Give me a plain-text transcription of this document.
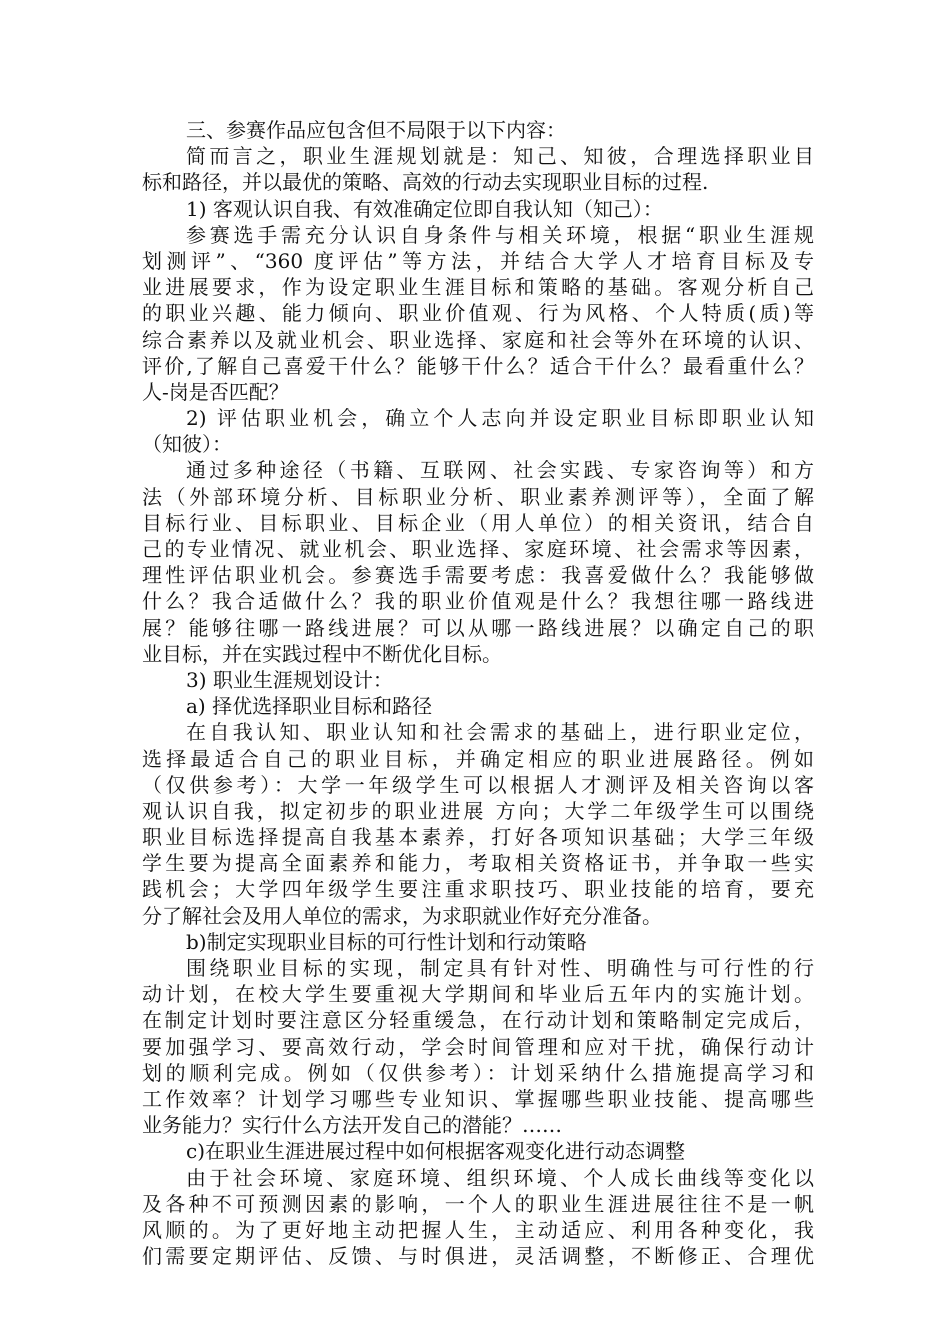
三、参赛作品应包含但不局限于以下内容：
简而言之，职业生涯规划就是：知己、知彼，合理选择职业目
标和路径，并以最优的策略、高效的行动去实现职业目标的过程.
1) 客观认识自我、有效准确定位即自我认知（知己）：
参赛选手需充分认识自身条件与相关环境，根据“职业生涯规
划测评”、“360 度评估”等方法，并结合大学人才培育目标及专
业进展要求，作为设定职业生涯目标和策略的基础。客观分析自己
的职业兴趣、能力倾向、职业价值观、行为风格、个人特质(质)等
综合素养以及就业机会、职业选择、家庭和社会等外在环境的认识、
评价,了解自己喜爱干什么？能够干什么？适合干什么？最看重什么？
人-岗是否匹配？
2) 评估职业机会，确立个人志向并设定职业目标即职业认知
（知彼）：
通过多种途径（书籍、互联网、社会实践、专家咨询等）和方
法（外部环境分析、目标职业分析、职业素养测评等），全面了解
目标行业、目标职业、目标企业（用人单位）的相关资讯，结合自
己的专业情况、就业机会、职业选择、家庭环境、社会需求等因素，
理性评估职业机会。参赛选手需要考虑：我喜爱做什么？我能够做
什么？我合适做什么？我的职业价值观是什么？我想往哪一路线进
展？能够往哪一路线进展？可以从哪一路线进展？以确定自己的职
业目标，并在实践过程中不断优化目标。
3) 职业生涯规划设计：
a) 择优选择职业目标和路径
在自我认知、职业认知和社会需求的基础上，进行职业定位，
选择最适合自己的职业目标，并确定相应的职业进展路径。例如
（仅供参考）：大学一年级学生可以根据人才测评及相关咨询以客
观认识自我，拟定初步的职业进展 方向；大学二年级学生可以围绕
职业目标选择提高自我基本素养，打好各项知识基础；大学三年级
学生要为提高全面素养和能力，考取相关资格证书，并争取一些实
践机会；大学四年级学生要注重求职技巧、职业技能的培育，要充
分了解社会及用人单位的需求，为求职就业作好充分准备。
b)制定实现职业目标的可行性计划和行动策略
围绕职业目标的实现，制定具有针对性、明确性与可行性的行
动计划，在校大学生要重视大学期间和毕业后五年内的实施计划。
在制定计划时要注意区分轻重缓急，在行动计划和策略制定完成后，
要加强学习、要高效行动，学会时间管理和应对干扰，确保行动计
划的顺利完成。例如（仅供参考）：计划采纳什么措施提高学习和
工作效率？计划学习哪些专业知识、掌握哪些职业技能、提高哪些
业务能力？实行什么方法开发自己的潜能？……
c)在职业生涯进展过程中如何根据客观变化进行动态调整
由于社会环境、家庭环境、组织环境、个人成长曲线等变化以
及各种不可预测因素的影响，一个人的职业生涯进展往往不是一帆
风顺的。为了更好地主动把握人生，主动适应、利用各种变化，我
们需要定期评估、反馈、与时俱进，灵活调整，不断修正、合理优
